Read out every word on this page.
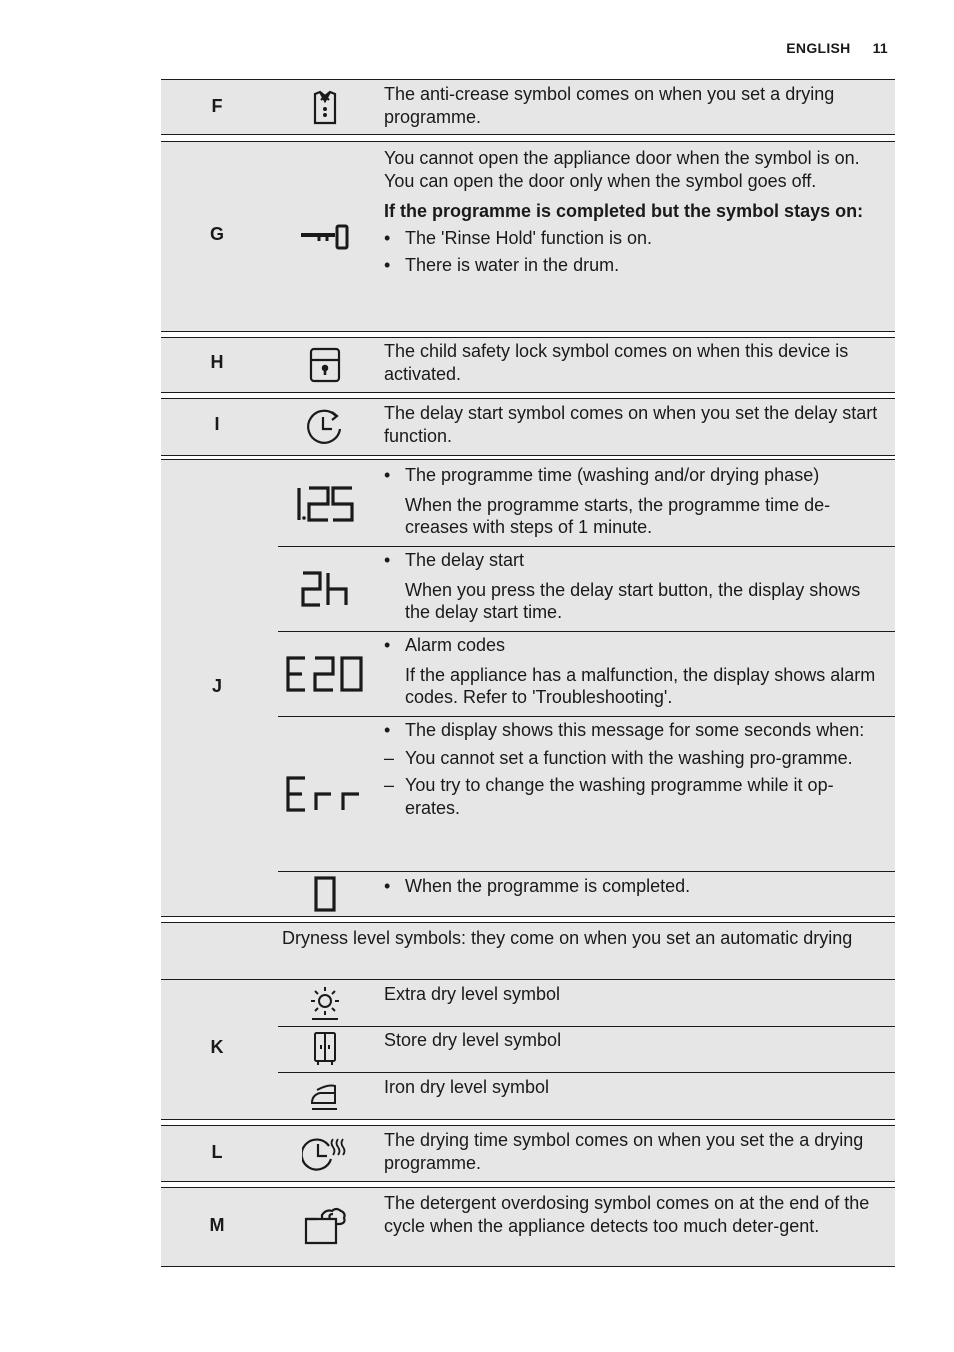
ENGLISH 11
F
The anti-crease symbol comes on when you set a drying programme.
G

You cannot open the appliance door when the symbol is on.

You can open the door only when the symbol goes off.

If the programme is completed but the symbol stays on:

• The 'Rinse Hold' function is on.

• There is water in the drum.

H
The child safety lock symbol comes on when this device is activated.
I
The delay start symbol comes on when you set the delay start function.
J

• The programme time (washing and/or drying phase)

When the programme starts, the programme time de-creases with steps of 1 minute.

• The delay start

When you press the delay start button, the display shows the delay start time.

• Alarm codes

If the appliance has a malfunction, the display shows alarm codes. Refer to 'Troubleshooting'.

• The display shows this message for some seconds when:

– You cannot set a function with the washing pro-gramme.

– You try to change the washing programme while it op-erates.

• When the programme is completed.

Dryness level symbols: they come on when you set an automatic drying
K
Extra dry level symbol
Store dry level symbol
Iron dry level symbol
L
The drying time symbol comes on when you set the a drying programme.
M
The detergent overdosing symbol comes on at the end of the cycle when the appliance detects too much deter-gent.
